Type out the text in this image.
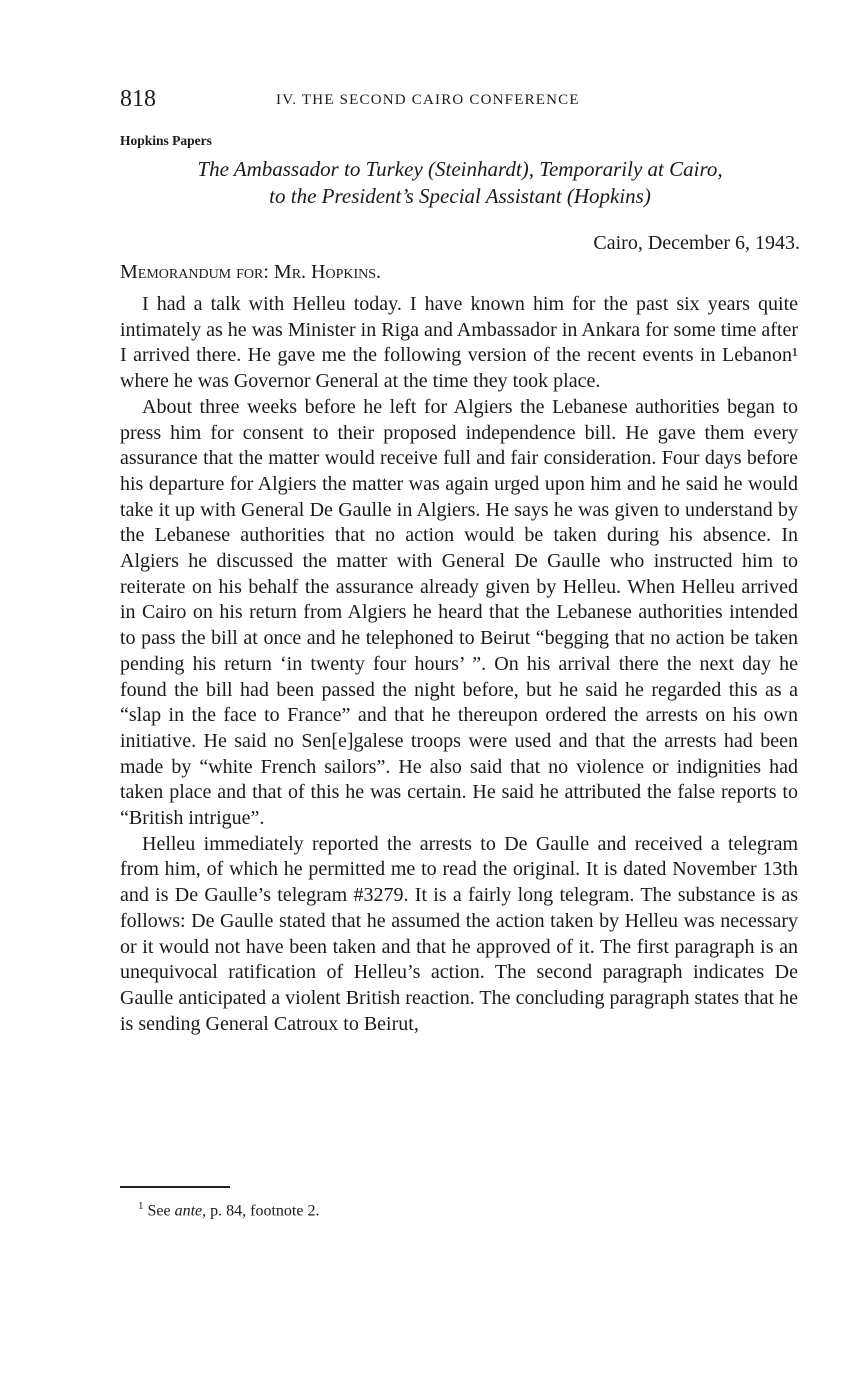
818	IV. THE SECOND CAIRO CONFERENCE
Hopkins Papers
The Ambassador to Turkey (Steinhardt), Temporarily at Cairo,
to the President’s Special Assistant (Hopkins)
Cairo, December 6, 1943.
Memorandum for: Mr. Hopkins.

I had a talk with Helleu today. I have known him for the past six years quite intimately as he was Minister in Riga and Ambassador in Ankara for some time after I arrived there. He gave me the following version of the recent events in Lebanon¹ where he was Governor General at the time they took place.

About three weeks before he left for Algiers the Lebanese authorities began to press him for consent to their proposed independence bill. He gave them every assurance that the matter would receive full and fair consideration. Four days before his departure for Algiers the matter was again urged upon him and he said he would take it up with General De Gaulle in Algiers. He says he was given to understand by the Lebanese authorities that no action would be taken during his absence. In Algiers he discussed the matter with General De Gaulle who instructed him to reiterate on his behalf the assurance already given by Helleu. When Helleu arrived in Cairo on his return from Algiers he heard that the Lebanese authorities intended to pass the bill at once and he telephoned to Beirut “begging that no action be taken pending his return ‘in twenty four hours’ ”. On his arrival there the next day he found the bill had been passed the night before, but he said he regarded this as a “slap in the face to France” and that he thereupon ordered the arrests on his own initiative. He said no Sen[e]galese troops were used and that the arrests had been made by “white French sailors”. He also said that no violence or indignities had taken place and that of this he was certain. He said he attributed the false reports to “British intrigue”.

Helleu immediately reported the arrests to De Gaulle and received a telegram from him, of which he permitted me to read the original. It is dated November 13th and is De Gaulle’s telegram #3279. It is a fairly long telegram. The substance is as follows: De Gaulle stated that he assumed the action taken by Helleu was necessary or it would not have been taken and that he approved of it. The first paragraph is an unequivocal ratification of Helleu’s action. The second paragraph indicates De Gaulle anticipated a violent British reaction. The concluding paragraph states that he is sending General Catroux to Beirut,

$^1$ See ante, p. 84, footnote 2.
